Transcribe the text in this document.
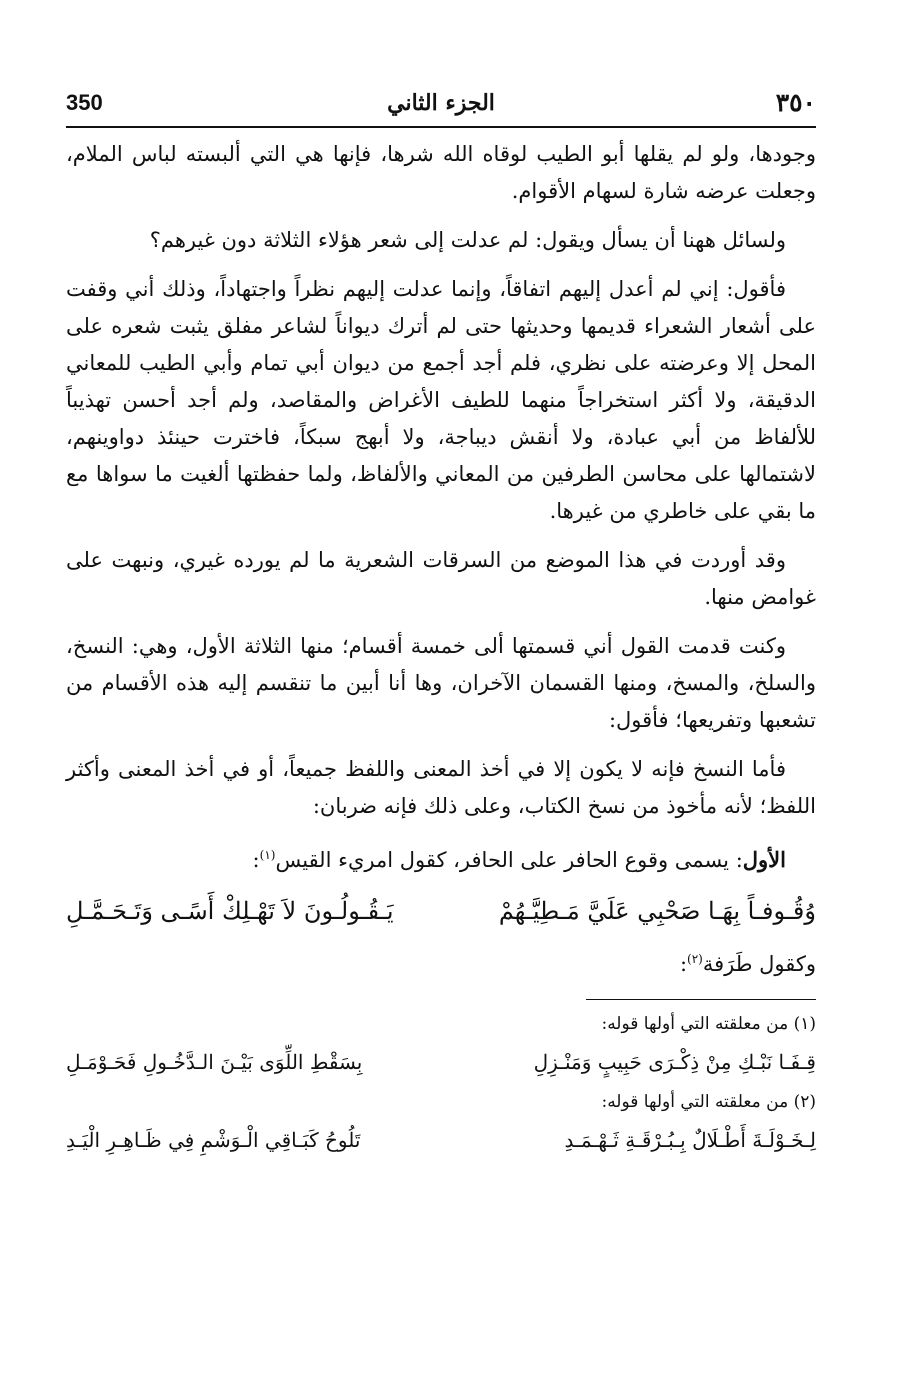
٣٥٠
الجزء الثاني
350

وجودها، ولو لم يقلها أبو الطيب لوقاه الله شرها، فإنها هي التي ألبسته لباس الملام، وجعلت عرضه شارة لسهام الأقوام.

ولسائل ههنا أن يسأل ويقول: لم عدلت إلى شعر هؤلاء الثلاثة دون غيرهم؟

فأقول: إني لم أعدل إليهم اتفاقاً، وإنما عدلت إليهم نظراً واجتهاداً، وذلك أني وقفت على أشعار الشعراء قديمها وحديثها حتى لم أترك ديواناً لشاعر مفلق يثبت شعره على المحل إلا وعرضته على نظري، فلم أجد أجمع من ديوان أبي تمام وأبي الطيب للمعاني الدقيقة، ولا أكثر استخراجاً منهما للطيف الأغراض والمقاصد، ولم أجد أحسن تهذيباً للألفاظ من أبي عبادة، ولا أنقش ديباجة، ولا أبهج سبكاً، فاخترت حينئذ دواوينهم، لاشتمالها على محاسن الطرفين من المعاني والألفاظ، ولما حفظتها ألغيت ما سواها مع ما بقي على خاطري من غيرها.

وقد أوردت في هذا الموضع من السرقات الشعرية ما لم يورده غيري، ونبهت على غوامض منها.

وكنت قدمت القول أني قسمتها ألى خمسة أقسام؛ منها الثلاثة الأول، وهي: النسخ، والسلخ، والمسخ، ومنها القسمان الآخران، وها أنا أبين ما تنقسم إليه هذه الأقسام من تشعبها وتفريعها؛ فأقول:

فأما النسخ فإنه لا يكون إلا في أخذ المعنى واللفظ جميعاً، أو في أخذ المعنى وأكثر اللفظ؛ لأنه مأخوذ من نسخ الكتاب، وعلى ذلك فإنه ضربان:

الأول: يسمى وقوع الحافر على الحافر، كقول امريء القيس$^{(١)}$:

وُقُـوفـاً بِهَـا صَحْبِي عَلَيَّ مَـطِيَّـهُمْ
يَـقُـولُـونَ لاَ تَهْـلِكْ أَسًـى وَتَـحَـمَّـلِ

وكقول طَرَفة$^{(٢)}$:

(١) من معلقته التي أولها قوله:

قِـفَـا نَبْـكِ مِنْ ذِكْـرَى حَبِيبٍ وَمَنْـزِلِ
بِسَقْطِ اللِّوَى بَيْـنَ الـدَّخُـولِ فَحَـوْمَـلِ

(٢) من معلقته التي أولها قوله:

لِـخَـوْلَـةَ أَطْـلَالٌ بِـبُـرْقَـةِ ثَـهْـمَـدِ
تَلُوحُ كَبَـاقِي الْـوَشْمِ فِي ظَـاهِـرِ الْيَـدِ
